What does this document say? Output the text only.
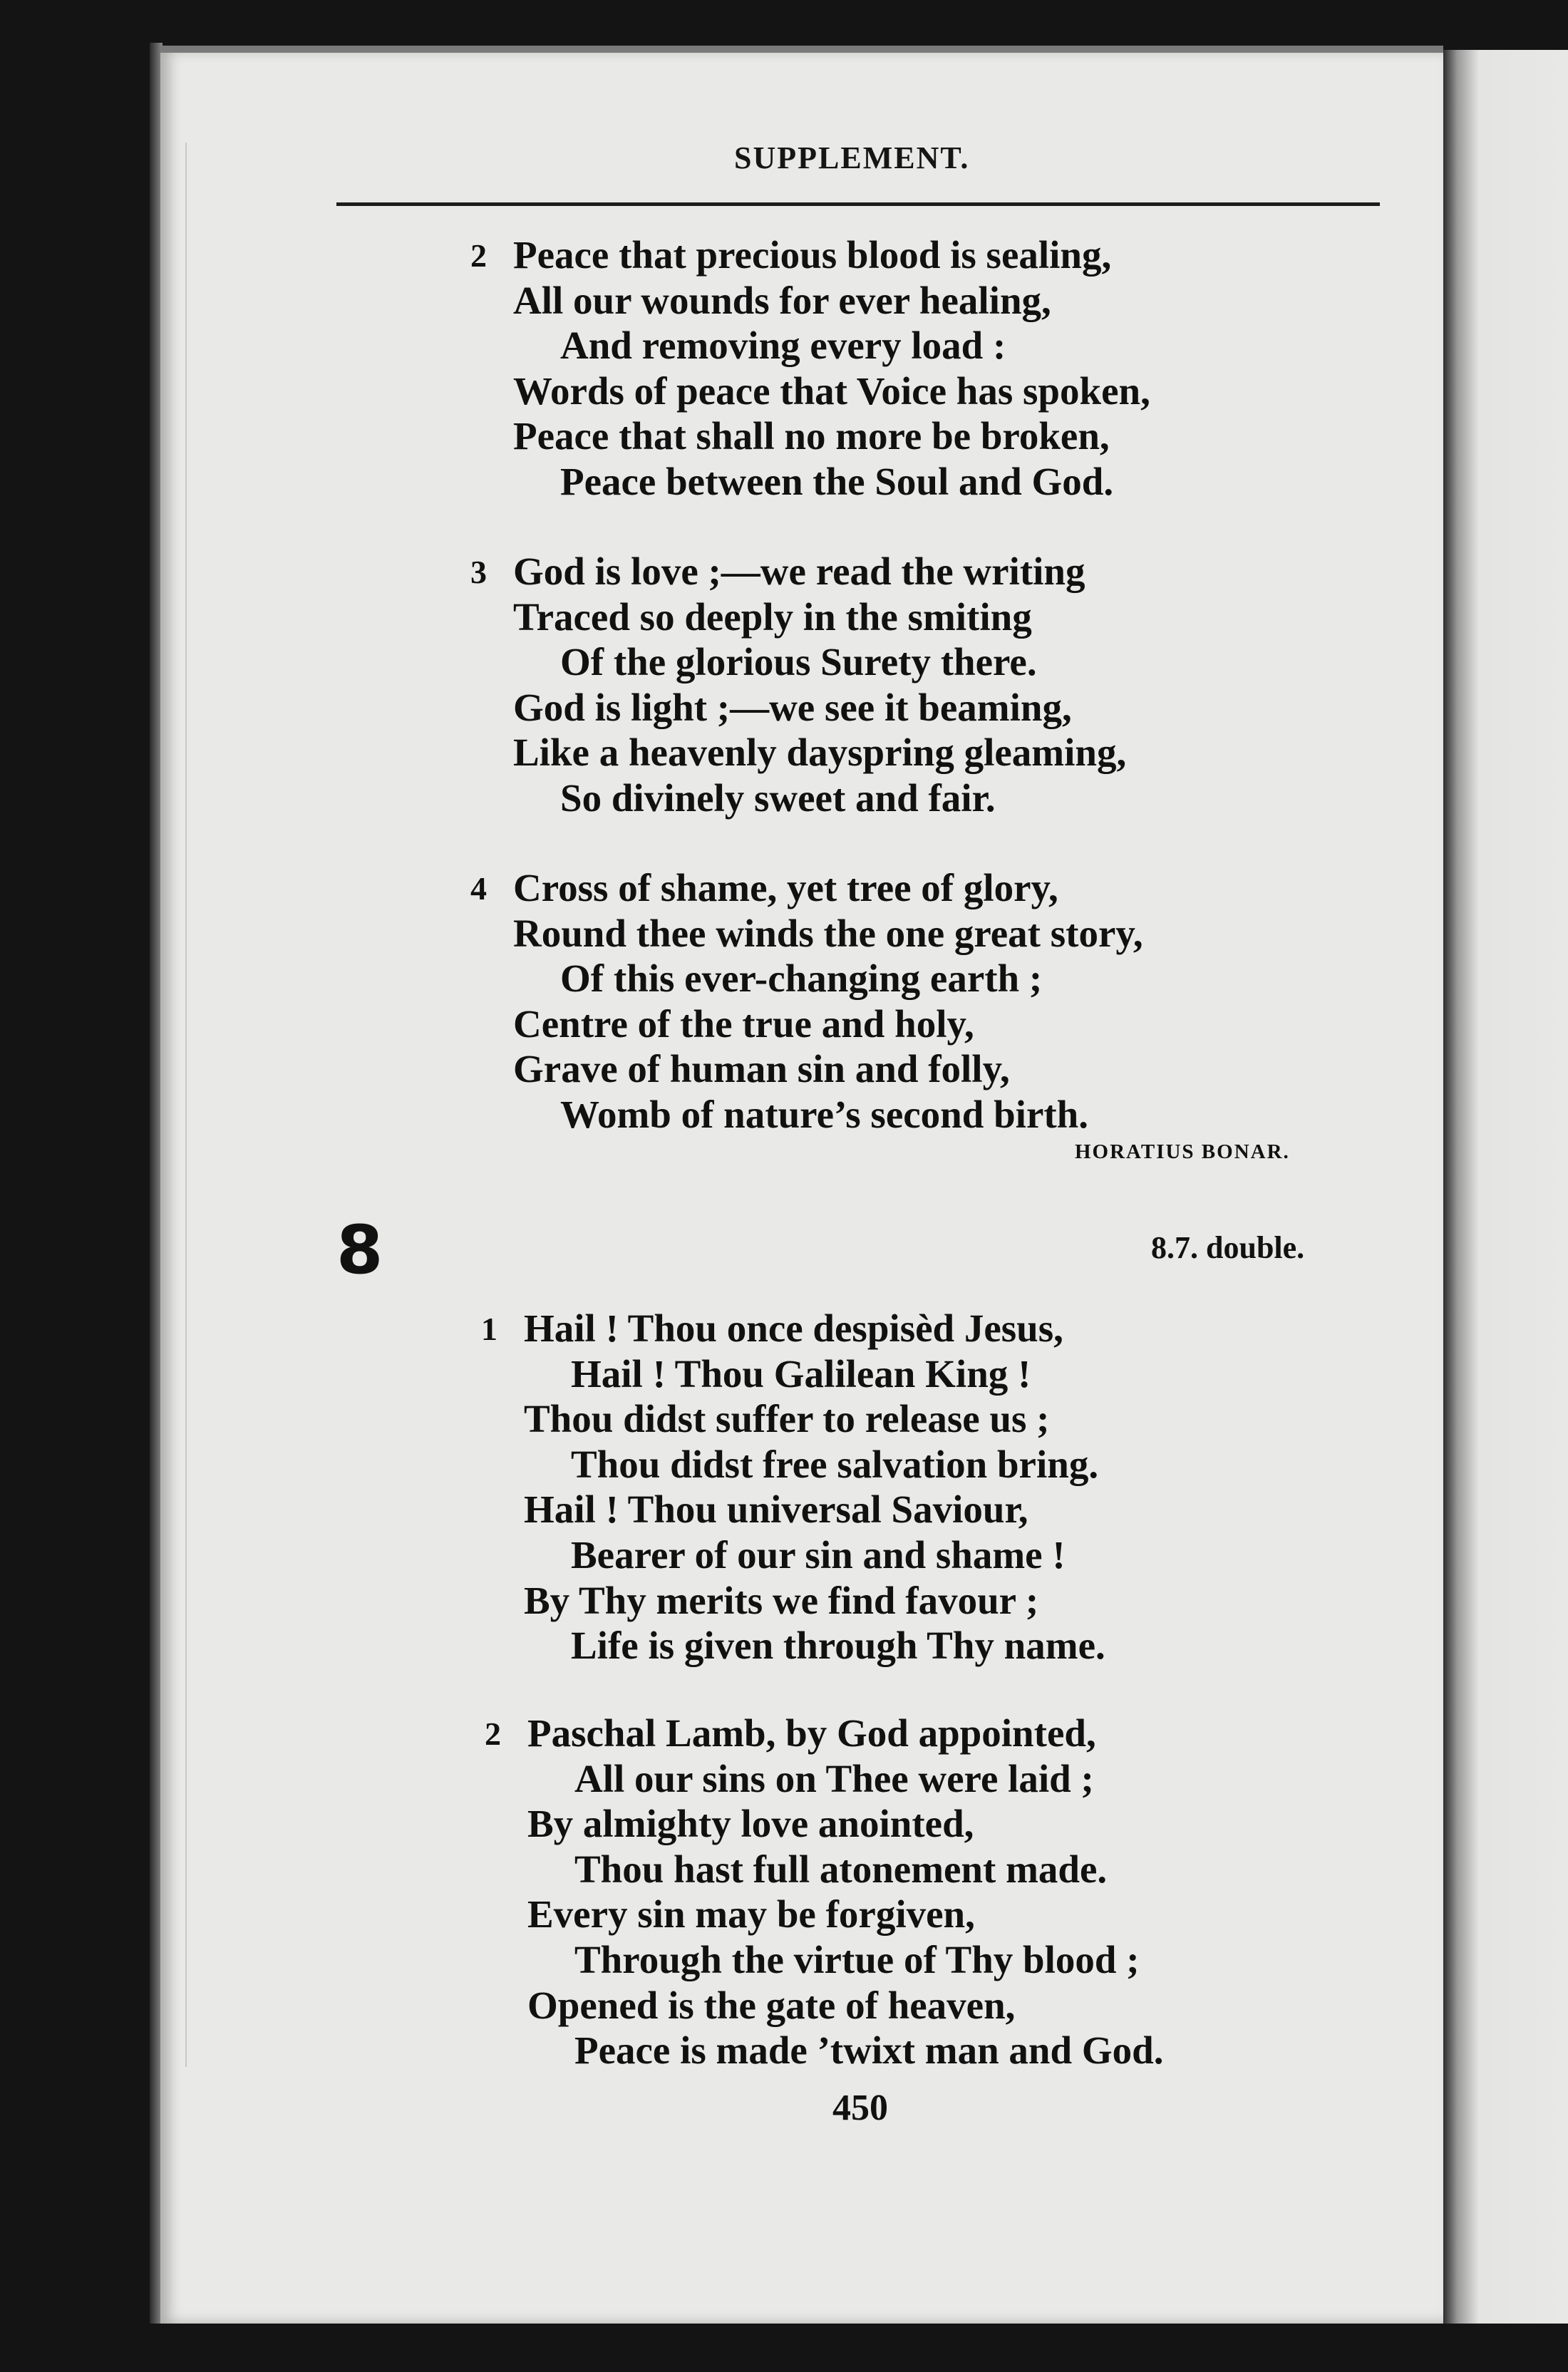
SUPPLEMENT.
2 Peace that precious blood is sealing,
All our wounds for ever healing,
And removing every load :
Words of peace that Voice has spoken,
Peace that shall no more be broken,
Peace between the Soul and God.
3 God is love ;—we read the writing
Traced so deeply in the smiting
Of the glorious Surety there.
God is light ;—we see it beaming,
Like a heavenly dayspring gleaming,
So divinely sweet and fair.
4 Cross of shame, yet tree of glory,
Round thee winds the one great story,
Of this ever-changing earth ;
Centre of the true and holy,
Grave of human sin and folly,
Womb of nature’s second birth.
HORATIUS BONAR.
8	8.7. double.
1 Hail ! Thou once despisèd Jesus,
Hail ! Thou Galilean King !
Thou didst suffer to release us ;
Thou didst free salvation bring.
Hail ! Thou universal Saviour,
Bearer of our sin and shame !
By Thy merits we find favour ;
Life is given through Thy name.
2 Paschal Lamb, by God appointed,
All our sins on Thee were laid ;
By almighty love anointed,
Thou hast full atonement made.
Every sin may be forgiven,
Through the virtue of Thy blood ;
Opened is the gate of heaven,
Peace is made ’twixt man and God.
450
